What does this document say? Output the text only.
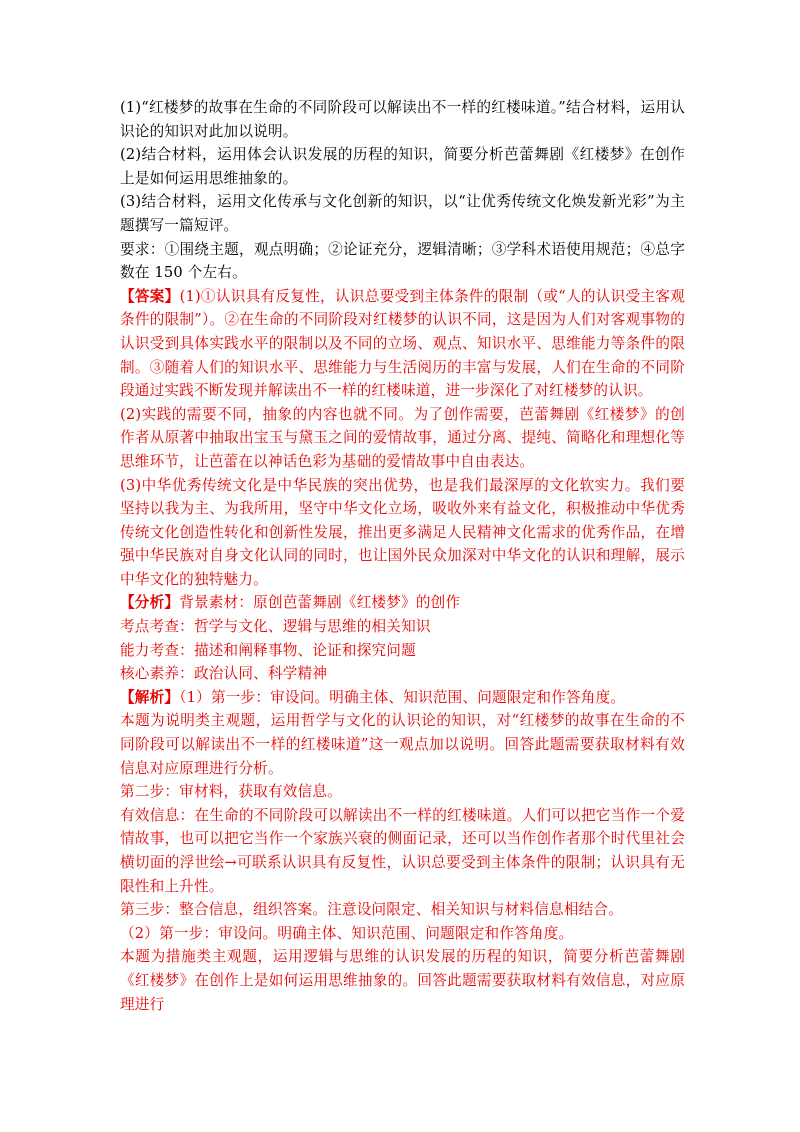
(1)“红楼梦的故事在生命的不同阶段可以解读出不一样的红楼味道。”结合材料，运用认识论的知识对此加以说明。

(2)结合材料，运用体会认识发展的历程的知识，简要分析芭蕾舞剧《红楼梦》在创作上是如何运用思维抽象的。

(3)结合材料，运用文化传承与文化创新的知识，以“让优秀传统文化焕发新光彩”为主题撰写一篇短评。

要求：①围绕主题，观点明确；②论证充分，逻辑清晰；③学科术语使用规范；④总字数在 150 个左右。

【答案】(1)①认识具有反复性，认识总要受到主体条件的限制（或“人的认识受主客观条件的限制”）。②在生命的不同阶段对红楼梦的认识不同，这是因为人们对客观事物的认识受到具体实践水平的限制以及不同的立场、观点、知识水平、思维能力等条件的限制。③随着人们的知识水平、思维能力与生活阅历的丰富与发展，人们在生命的不同阶段通过实践不断发现并解读出不一样的红楼味道，进一步深化了对红楼梦的认识。

(2)实践的需要不同，抽象的内容也就不同。为了创作需要，芭蕾舞剧《红楼梦》的创作者从原著中抽取出宝玉与黛玉之间的爱情故事，通过分离、提纯、简略化和理想化等思维环节，让芭蕾在以神话色彩为基础的爱情故事中自由表达。

(3)中华优秀传统文化是中华民族的突出优势，也是我们最深厚的文化软实力。我们要坚持以我为主、为我所用，坚守中华文化立场，吸收外来有益文化，积极推动中华优秀传统文化创造性转化和创新性发展，推出更多满足人民精神文化需求的优秀作品，在增强中华民族对自身文化认同的同时，也让国外民众加深对中华文化的认识和理解，展示中华文化的独特魅力。

【分析】背景素材：原创芭蕾舞剧《红楼梦》的创作

考点考查：哲学与文化、逻辑与思维的相关知识

能力考查：描述和阐释事物、论证和探究问题

核心素养：政治认同、科学精神

【解析】（1）第一步：审设问。明确主体、知识范围、问题限定和作答角度。

本题为说明类主观题，运用哲学与文化的认识论的知识，对“红楼梦的故事在生命的不同阶段可以解读出不一样的红楼味道”这一观点加以说明。回答此题需要获取材料有效信息对应原理进行分析。

第二步：审材料，获取有效信息。

有效信息：在生命的不同阶段可以解读出不一样的红楼味道。人们可以把它当作一个爱情故事，也可以把它当作一个家族兴衰的侧面记录，还可以当作创作者那个时代里社会横切面的浮世绘→可联系认识具有反复性，认识总要受到主体条件的限制；认识具有无限性和上升性。

第三步：整合信息，组织答案。注意设问限定、相关知识与材料信息相结合。

（2）第一步：审设问。明确主体、知识范围、问题限定和作答角度。

本题为措施类主观题，运用逻辑与思维的认识发展的历程的知识，简要分析芭蕾舞剧《红楼梦》在创作上是如何运用思维抽象的。回答此题需要获取材料有效信息，对应原理进行
